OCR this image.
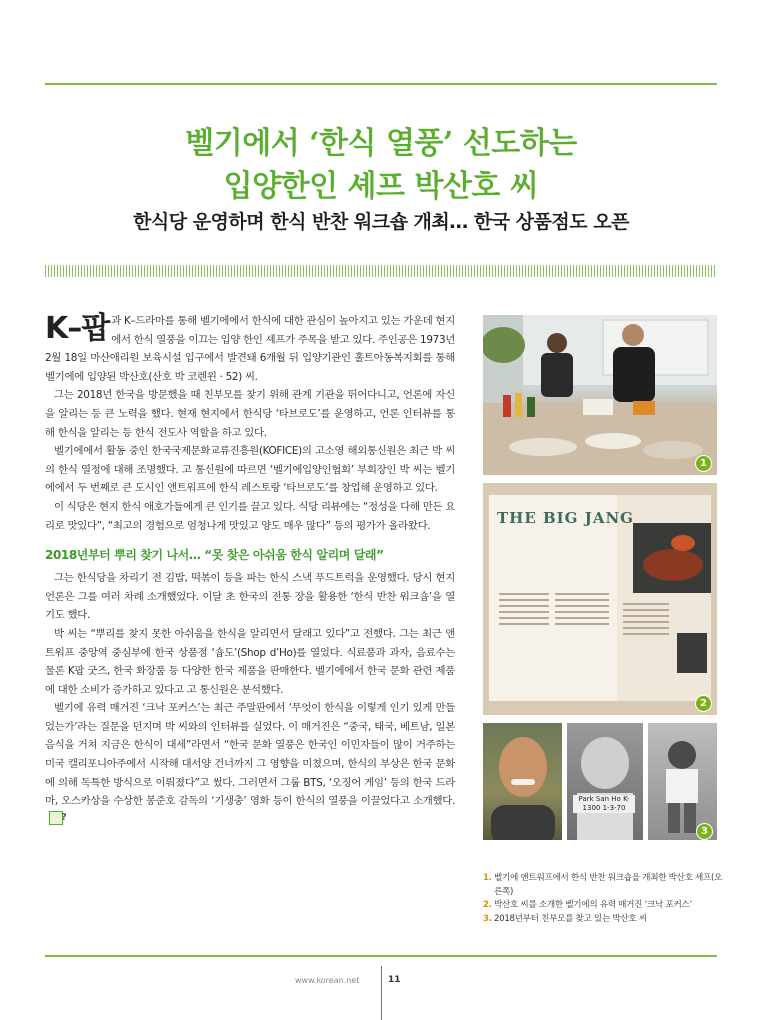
벨기에서 ‘한식 열풍’ 선도하는
입양한인 셰프 박산호 씨
한식당 운영하며 한식 반찬 워크숍 개최… 한국 상품점도 오픈

K–팝 과 K–드라마를 통해 벨기에에서 한식에 대한 관심이 높아지고 있는 가운데 현지에서 한식 열풍을 이끄는 입양 한인 셰프가 주목을 받고 있다. 주인공은 1973년 2월 18일 마산애리원 보육시설 입구에서 발견돼 6개월 뒤 입양기관인 홀트아동복지회를 통해 벨기에에 입양된 박산호(산호 박 코렌윈 · 52) 씨.

그는 2018년 한국을 방문했을 때 친부모를 찾기 위해 관계 기관을 뛰어다니고, 언론에 자신을 알리는 등 큰 노력을 했다. 현재 현지에서 한식당 ‘타브로도’를 운영하고, 언론 인터뷰를 통해 한식을 알리는 등 한식 전도사 역할을 하고 있다.

벨기에에서 활동 중인 한국국제문화교류진흥원(KOFICE)의 고소영 해외통신원은 최근 박 씨의 한식 열정에 대해 조명했다. 고 통신원에 따르면 ‘벨기에입양인협회’ 부회장인 박 씨는 벨기에에서 두 번째로 큰 도시인 앤트워프에 한식 레스토랑 ‘타브로도’를 창업해 운영하고 있다.

이 식당은 현지 한식 애호가들에게 큰 인기를 끌고 있다. 식당 리뷰에는 “정성을 다해 만든 요리로 맛있다”, “최고의 경험으로 엄청나게 맛있고 양도 매우 많다” 등의 평가가 올라왔다.

2018년부터 뿌리 찾기 나서… “못 찾은 아쉬움 한식 알리며 달래”

그는 한식당을 차리기 전 김밥, 떡볶이 등을 파는 한식 스낵 푸드트럭을 운영했다. 당시 현지 언론은 그를 여러 차례 소개했었다. 이달 초 한국의 전통 장을 활용한 ‘한식 반찬 워크숍’을 열기도 했다.

박 씨는 “뿌리를 찾지 못한 아쉬움을 한식을 알리면서 달래고 있다”고 전했다. 그는 최근 앤트워프 중앙역 중심부에 한국 상품점 ‘숍도’(Shop d’Ho)를 열었다. 식료품과 과자, 음료수는 물론 K팝 굿즈, 한국 화장품 등 다양한 한국 제품을 판매한다. 벨기에에서 한국 문화 관련 제품에 대한 소비가 증가하고 있다고 고 통신원은 분석했다.

벨기에 유력 매거진 ‘크낙 포커스’는 최근 주말판에서 ‘무엇이 한식을 이렇게 인기 있게 만들었는가’라는 질문을 던지며 박 씨와의 인터뷰를 실었다. 이 매거진은 “중국, 태국, 베트남, 일본 음식을 거쳐 지금은 한식이 대세”라면서 “한국 문화 열풍은 한국인 이민자들이 많이 거주하는 미국 캘리포니아주에서 시작해 대서양 건너까지 그 영향을 미쳤으며, 한식의 부상은 한국 문화에 의해 독특한 방식으로 이뤄졌다”고 썼다. 그러면서 그룹 BTS, ‘오징어 게임’ 등의 한국 드라마, 오스카상을 수상한 봉준호 감독의 ‘기생충’ 영화 등이 한식의 열풍을 이끌었다고 소개했다.?

1
THE BIG JANG
2
Park San Ho K-1300 1-3-70
3
1. 벨기에 앤트워프에서 한식 반찬 워크숍을 개최한 박산호 셰프(오른쪽)
2. 박산호 씨를 소개한 벨기에의 유력 매거진 ‘크낙 포커스’
3. 2018년부터 친부모를 찾고 있는 박산호 씨
www.korean.net	11
